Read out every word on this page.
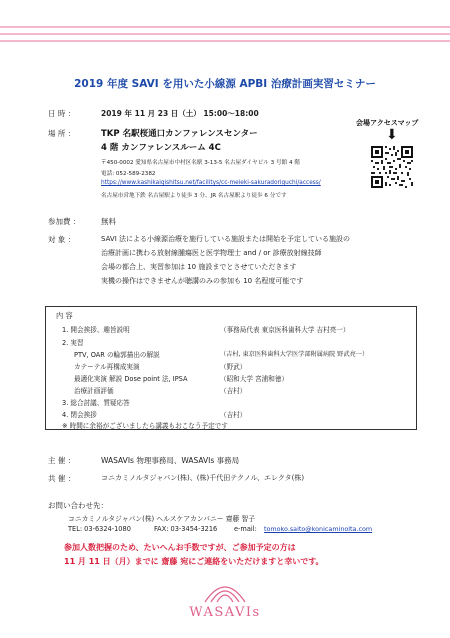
2019 年度 SAVI を用いた小線源 APBI 治療計画実習セミナー
日 時 ：	2019 年 11 月 23 日（土） 15:00～18:00
場 所 ：	TKP 名駅桜通口カンファレンスセンター
4 階 カンファレンスルーム 4C
〒450-0002 愛知県名古屋市中村区名駅 3-13-5 名古屋ダイヤビル 3 号館 4 階
電話: 052-589-2382
https://www.kashikaigishitsu.net/facilitys/cc-meieki-sakuradoriguchi/access/
名古屋市営地下鉄 名古屋駅より徒歩 3 分、JR 名古屋駅より徒歩 6 分です
会場アクセスマップ
⬇
参加費 ：	無料
対 象 ：	SAVI 法による小線源治療を施行している施設または開始を予定している施設の
治療計画に携わる放射線腫瘍医と医学物理士 and / or 診療放射線技師
会場の都合上、実習参加は 10 施設までとさせていただきます
実機の操作はできませんが聴講のみの参加も 10 名程度可能です
内 容
1. 開会挨拶、趣旨説明	（事務局代表 東京医科歯科大学 吉村亮一）
2. 実習
PTV, OAR の輪郭描出の解説	（吉村, 東京医科歯科大学医学部附属病院 野武亮一）
カテーテル再構成実演	（野武）
最適化実演 解説 Dose point 法, IPSA	（昭和大学 宮浦和徳）
治療計画評価	（吉村）
3. 総合討議、質疑応答
4. 閉会挨拶	（吉村）
※ 時間に余裕がございましたら講義もおこなう予定です
主 催 ：	WASAVIs 物理事務局、WASAVIs 事務局
共 催 ：	コニカミノルタジャパン(株)、(株)千代田テクノル、エレクタ(株)
お問い合わせ先：
コニカミノルタジャパン(株) ヘルスケアカンパニー 齋藤 智子
TEL: 03-6324-1080	FAX: 03-3454-3216	e-mail: tomoko.saito@konicaminolta.com
参加人数把握のため、たいへんお手数ですが、ご参加予定の方は
11 月 11 日（月）までに 齋藤 宛にご連絡をいただけますと幸いです。
WASAVIs
